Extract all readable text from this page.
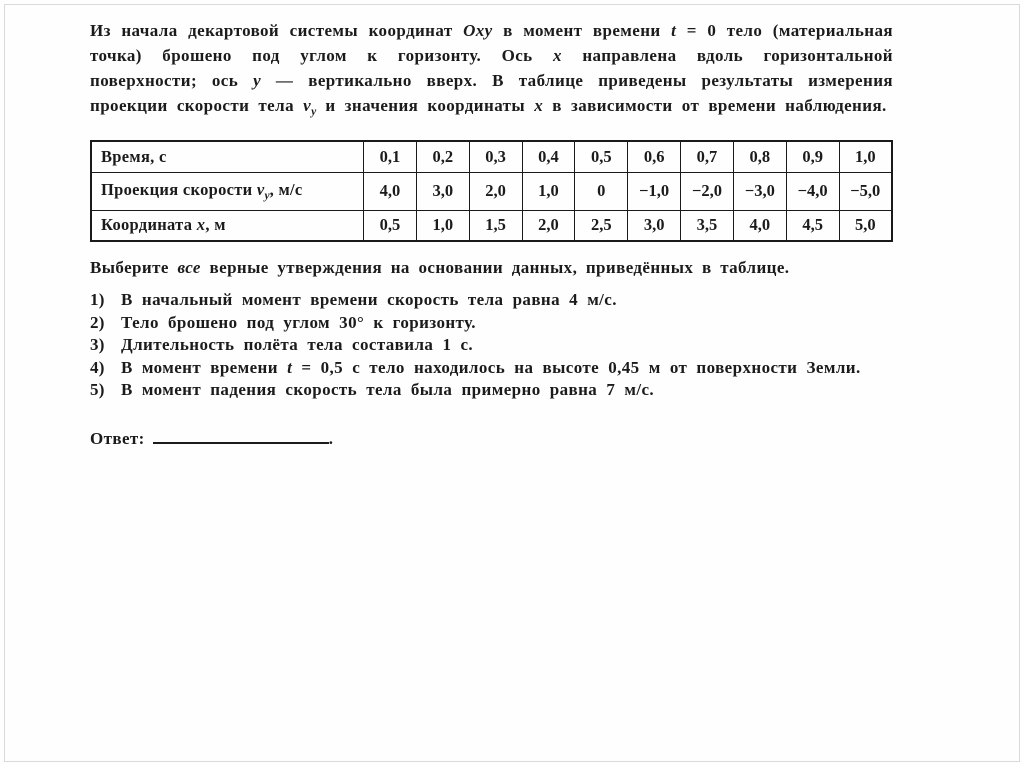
Из начала декартовой системы координат Oxy в момент времени t = 0 тело (материальная точка) брошено под углом к горизонту. Ось x направлена вдоль горизонтальной поверхности; ось y — вертикально вверх. В таблице приведены результаты измерения проекции скорости тела $v_y$ и значения координаты x в зависимости от времени наблюдения.

Время, с	0,1	0,2	0,3	0,4	0,5	0,6	0,7	0,8	0,9	1,0
Проекция скорости $v_y$, м/с	4,0	3,0	2,0	1,0	0	−1,0	−2,0	−3,0	−4,0	−5,0
Координата x, м	0,5	1,0	1,5	2,0	2,5	3,0	3,5	4,0	4,5	5,0

Выберите все верные утверждения на основании данных, приведённых в таблице.

1) В начальный момент времени скорость тела равна 4 м/с.
2) Тело брошено под углом 30° к горизонту.
3) Длительность полёта тела составила 1 с.
4) В момент времени t = 0,5 с тело находилось на высоте 0,45 м от поверхности Земли.
5) В момент падения скорость тела была примерно равна 7 м/с.
Ответ:	.
